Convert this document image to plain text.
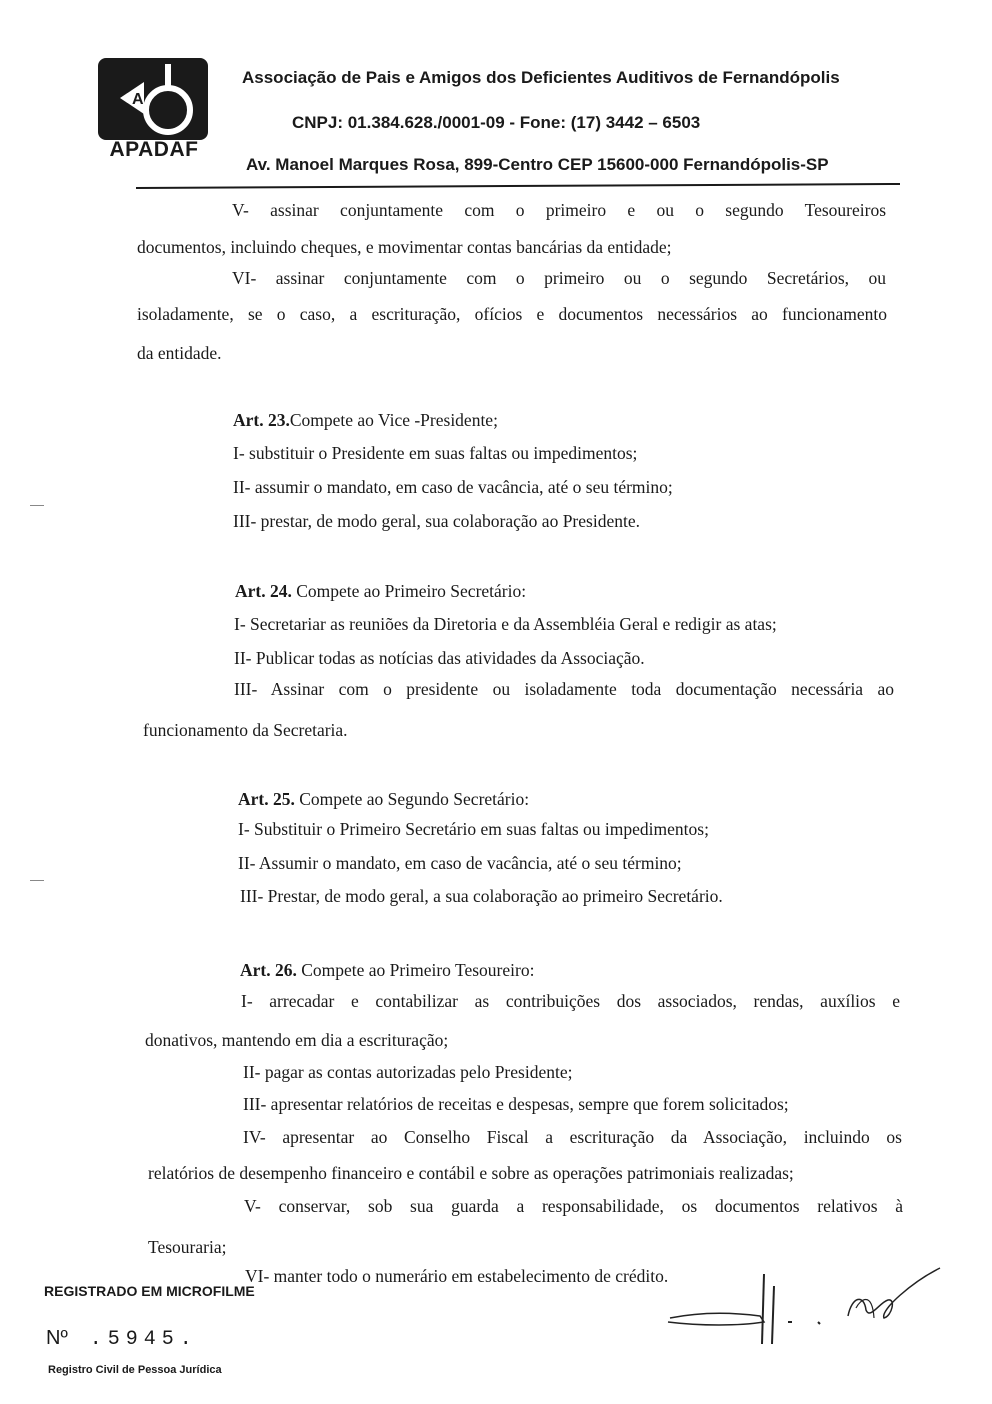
A
APADAF
Associação de Pais e Amigos dos Deficientes Auditivos de Fernandópolis
CNPJ: 01.384.628./0001-09 - Fone: (17) 3442 – 6503
Av. Manoel Marques Rosa, 899-Centro CEP 15600-000 Fernandópolis-SP
V- assinar conjuntamente com o primeiro e ou o segundo Tesoureiros
documentos, incluindo cheques, e movimentar contas bancárias da entidade;
VI- assinar conjuntamente com o primeiro ou o segundo Secretários, ou
isoladamente, se o caso, a escrituração, ofícios e documentos necessários ao funcionamento
da entidade.
Art. 23.Compete ao Vice -Presidente;
I- substituir o Presidente em suas faltas ou impedimentos;
II- assumir o mandato, em caso de vacância, até o seu término;
III- prestar, de modo geral, sua colaboração ao Presidente.
Art. 24. Compete ao Primeiro Secretário:
I- Secretariar as reuniões da Diretoria e da Assembléia Geral e redigir as atas;
II- Publicar todas as notícias das atividades da Associação.
III- Assinar com o presidente ou isoladamente toda documentação necessária ao
funcionamento da Secretaria.
Art. 25. Compete ao Segundo Secretário:
I- Substituir o Primeiro Secretário em suas faltas ou impedimentos;
II- Assumir o mandato, em caso de vacância, até o seu término;
III- Prestar, de modo geral, a sua colaboração ao primeiro Secretário.
Art. 26. Compete ao Primeiro Tesoureiro:
I- arrecadar e contabilizar as contribuições dos associados, rendas, auxílios e
donativos, mantendo em dia a escrituração;
II- pagar as contas autorizadas pelo Presidente;
III- apresentar relatórios de receitas e despesas, sempre que forem solicitados;
IV- apresentar ao Conselho Fiscal a escrituração da Associação, incluindo os
relatórios de desempenho financeiro e contábil e sobre as operações patrimoniais realizadas;
V- conservar, sob sua guarda a responsabilidade, os documentos relativos à
Tesouraria;
VI- manter todo o numerário em estabelecimento de crédito.
REGISTRADO EM MICROFILME
Nº .5945.
Registro Civil de Pessoa Jurídica
